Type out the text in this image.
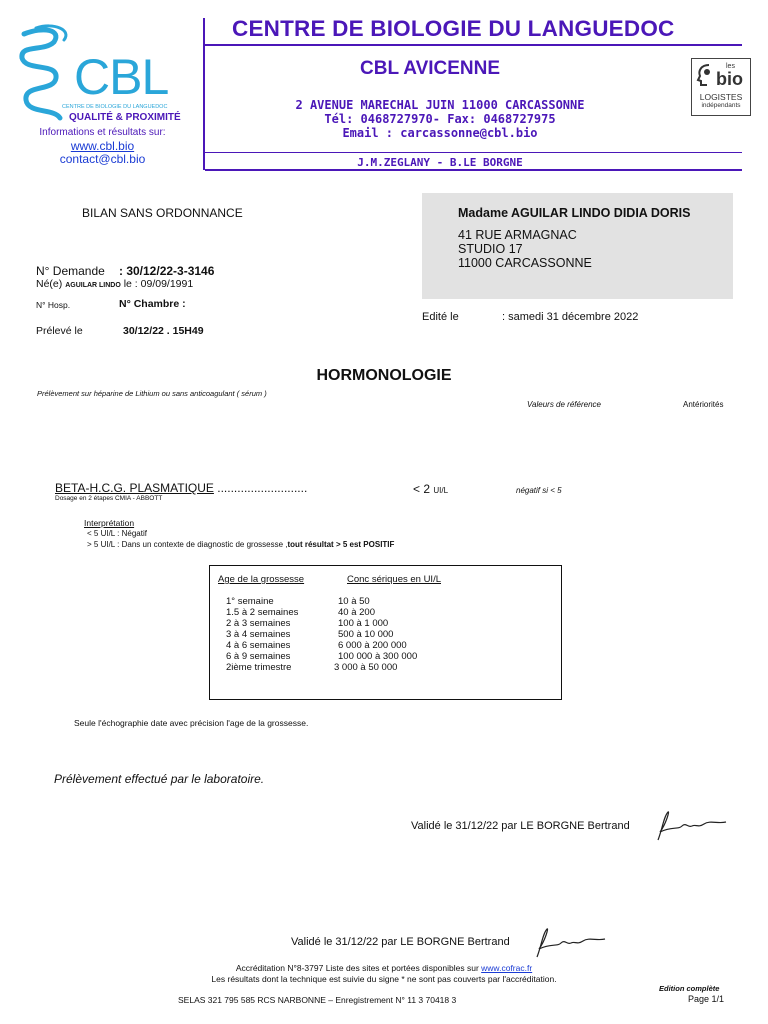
CENTRE DE BIOLOGIE DU LANGUEDOC
CBL AVICENNE
2 AVENUE MARECHAL JUIN 11000 CARCASSONNE
Tél: 0468727970- Fax: 0468727975
Email : carcassonne@cbl.bio
J.M.ZEGLANY - B.LE BORGNE
CBL
CENTRE DE BIOLOGIE DU LANGUEDOC
QUALITÉ & PROXIMITÉ
Informations et résultats sur:
www.cbl.bio
contact@cbl.bio
les
bio
LOGISTES
indépendants
BILAN SANS ORDONNANCE	Madame AGUILAR LINDO DIDIA DORIS
41 RUE ARMAGNAC
STUDIO 17
11000 CARCASSONNE
N° Demande : 30/12/22-3-3146
Né(e) AGUILAR LINDO le : 09/09/1991
N° Hosp.	N° Chambre :
Prélevé le	30/12/22 . 15H49
Edité le	: samedi 31 décembre 2022
HORMONOLOGIE
Prélèvement sur héparine de Lithium ou sans anticoagulant ( sérum )
Valeurs de référence	Antériorités
BETA-H.C.G. PLASMATIQUE ...........................
Dosage en 2 étapes CMIA - ABBOTT
< 2 UI/L	négatif si < 5
Interprétation
< 5 UI/L : Négatif
> 5 UI/L : Dans un contexte de diagnostic de grossesse ,tout résultat > 5 est POSITIF
Age de la grossesse	Conc sériques en UI/L
1° semaine	10 à 50
1.5 à 2 semaines	40 à 200
2 à 3 semaines	100 à 1 000
3 à 4 semaines	500 à 10 000
4 à 6 semaines	6 000 à 200 000
6 à 9 semaines	100 000 à 300 000
2ième trimestre	3 000 à 50 000
Seule l'échographie date avec précision l'age de la grossesse.
Prélèvement effectué par le laboratoire.
Validé le 31/12/22 par LE BORGNE Bertrand
Validé le 31/12/22 par LE BORGNE Bertrand
Accréditation N°8-3797 Liste des sites et portées disponibles sur www.cofrac.fr
Les résultats dont la technique est suivie du signe * ne sont pas couverts par l'accréditation.
SELAS 321 795 585 RCS NARBONNE – Enregistrement N° 11 3 70418 3
Edition complète
Page 1/1
